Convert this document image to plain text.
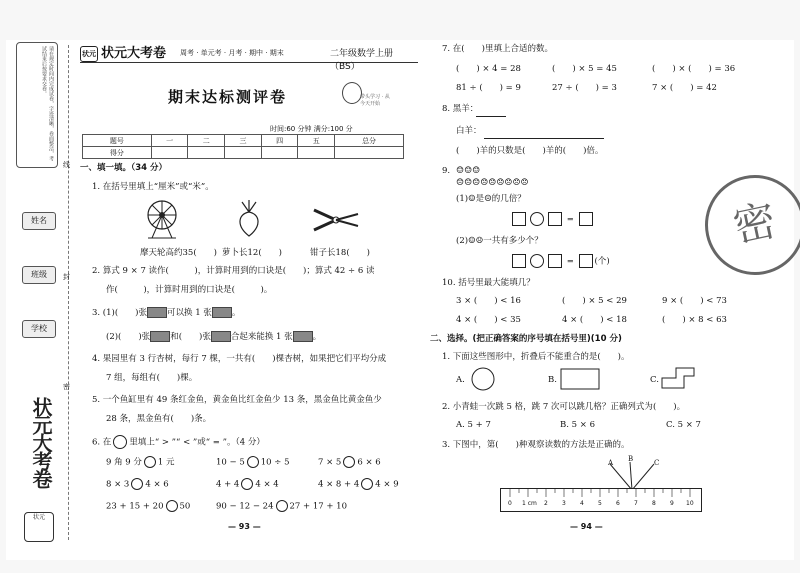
请在规定时间内完成试卷，字迹清晰，卷面整洁，考试结束后按要求交卷。
姓名
班级
学校
状元大考卷
状元
线
封
密
状元 状元大考卷 周考 · 单元考 · 月考 · 期中 · 期末	二年级数学上册（BS）
期末达标测评卷	带头学习 · 从今天开始
时间:60 分钟 满分:100 分
题号	一	二	三	四	五	总分
得分						
一、填一填。（34 分）
1. 在括号里填上“厘米”或“米”。
摩天轮高约35(　　) 萝卜长12(　　)	钳子长18(　　)
2. 算式 9 × 7 读作(　　　)，计算时用到的口诀是(　　)；算式 42 ÷ 6 读
作(　　　)，计算时用到的口诀是(　　　)。
3. (1)(　　)张 可以换 1 张 。
(2)(　　)张 和(　　)张 合起来能换 1 张 。
4. 果园里有 3 行杏树，每行 7 棵，一共有(　　)棵杏树，如果把它们平均分成
7 组，每组有(　　)棵。
5. 一个鱼缸里有 49 条红金鱼，黄金鱼比红金鱼少 13 条，黑金鱼比黄金鱼少
28 条，黑金鱼有(　　)条。
6. 在 里填上“ > ”“ < ”或“ = ”。（4 分）
9 角 9 分 1 元	10 − 5 10 ÷ 5	7 × 5 6 × 6
8 × 3 4 × 6	4 + 4 4 × 4	4 × 8 + 4 4 × 9
23 + 15 + 20 50	90 − 12 − 24 27 + 17 + 10
— 93 —
7. 在(　　)里填上合适的数。
(　　) × 4 = 28	(　　) × 5 = 45	(　　) × (　　) = 36
81 ÷ (　　) = 9	27 ÷ (　　) = 3	7 × (　　) = 42
8. 黑羊：
白羊：
(　　)羊的只数是(　　)羊的(　　)倍。
9. ☺☺☺
☹☹☹☹☹☹☹☹☹
(1)☺是☹的几倍？
=
(2)☺☹一共有多少个？
= (个)
10. 括号里最大能填几？
3 × (　　) < 16	(　　) × 5 < 29	9 × (　　) < 73
4 × (　　) < 35	4 × (　　) < 18	(　　) × 8 < 63
二、选择。(把正确答案的序号填在括号里)(10 分)
1. 下面这些图形中，折叠后不能重合的是(　　)。
A.	B.	C.
2. 小青蛙一次跳 5 格，跳 7 次可以跳几格？正确列式为(　　)。
A. 5 + 7	B. 5 × 6	C. 5 × 7
3. 下图中，第(　　)种观察读数的方法是正确的。
A B	C
0 1 cm 2 3 4 5 6 7 8 9 10
— 94 —
密
